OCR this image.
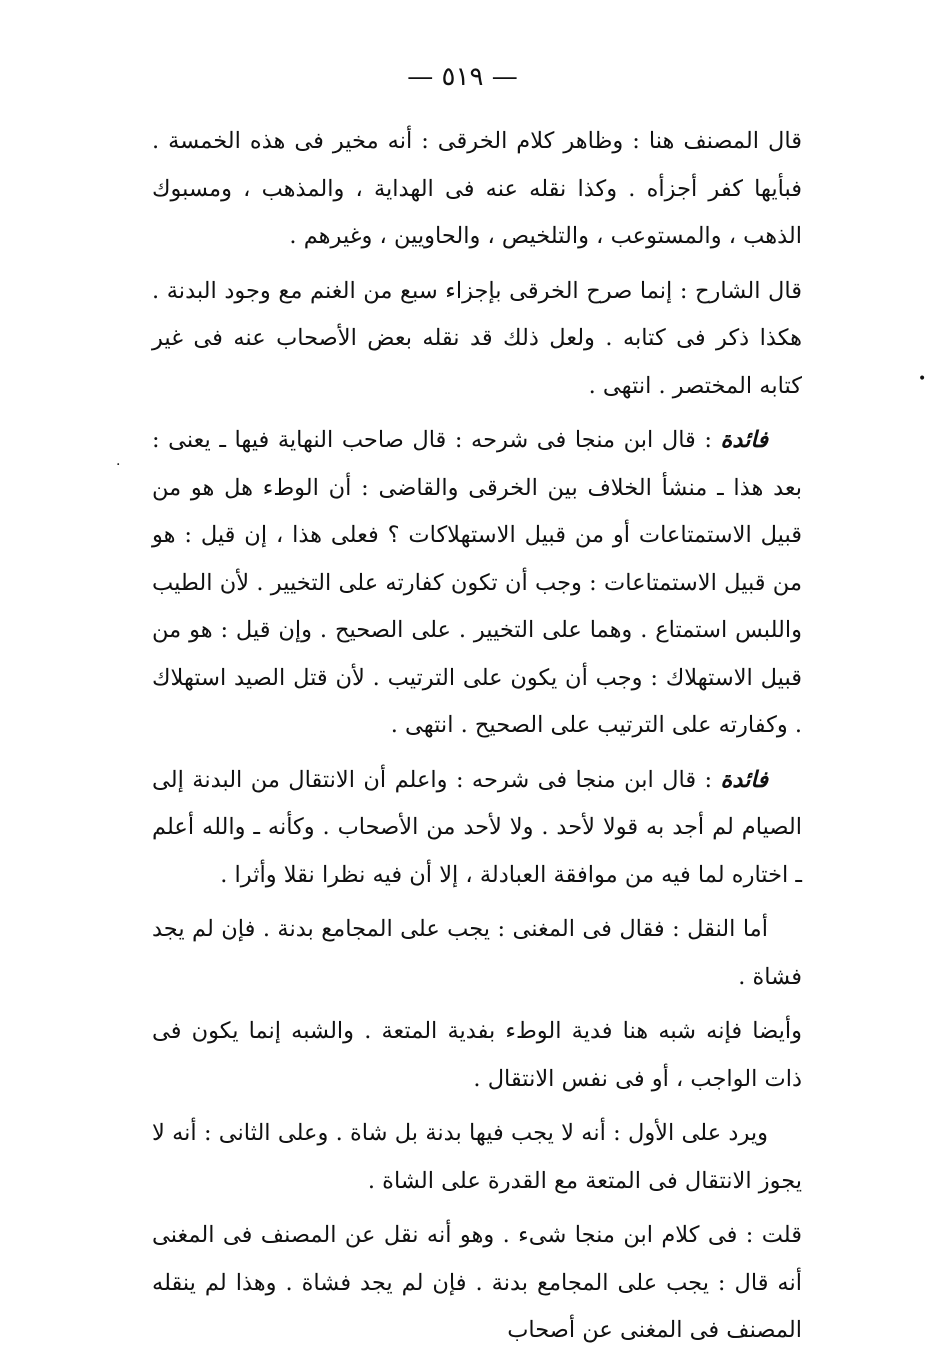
— ٥١٩ —
•
·

قال المصنف هنا : وظاهر كلام الخرقى : أنه مخير فى هذه الخمسة . فبأيها كفر أجزأه . وكذا نقله عنه فى الهداية ، والمذهب ، ومسبوك الذهب ، والمستوعب ، والتلخيص ، والحاويين ، وغيرهم .

قال الشارح : إنما صرح الخرقى بإجزاء سبع من الغنم مع وجود البدنة . هكذا ذكر فى كتابه . ولعل ذلك قد نقله بعض الأصحاب عنه فى غير كتابه المختصر . انتهى .

فائدة : قال ابن منجا فى شرحه : قال صاحب النهاية فيها ـ يعنى : بعد هذا ـ منشأ الخلاف بين الخرقى والقاضى : أن الوطء هل هو من قبيل الاستمتاعات أو من قبيل الاستهلاكات ؟ فعلى هذا ، إن قيل : هو من قبيل الاستمتاعات : وجب أن تكون كفارته على التخيير . لأن الطيب واللبس استمتاع . وهما على التخيير . على الصحيح . وإن قيل : هو من قبيل الاستهلاك : وجب أن يكون على الترتيب . لأن قتل الصيد استهلاك . وكفارته على الترتيب على الصحيح . انتهى .

فائدة : قال ابن منجا فى شرحه : واعلم أن الانتقال من البدنة إلى الصيام لم أجد به قولا لأحد . ولا لأحد من الأصحاب . وكأنه ـ والله أعلم ـ اختاره لما فيه من موافقة العبادلة ، إلا أن فيه نظرا نقلا وأثرا .

أما النقل : فقال فى المغنى : يجب على المجامع بدنة . فإن لم يجد فشاة .

وأيضا فإنه شبه هنا فدية الوطء بفدية المتعة . والشبه إنما يكون فى ذات الواجب ، أو فى نفس الانتقال .

ويرد على الأول : أنه لا يجب فيها بدنة بل شاة . وعلى الثانى : أنه لا يجوز الانتقال فى المتعة مع القدرة على الشاة .

قلت : فى كلام ابن منجا شىء . وهو أنه نقل عن المصنف فى المغنى أنه قال : يجب على المجامع بدنة . فإن لم يجد فشاة . وهذا لم ينقله المصنف فى المغنى عن أصحاب
